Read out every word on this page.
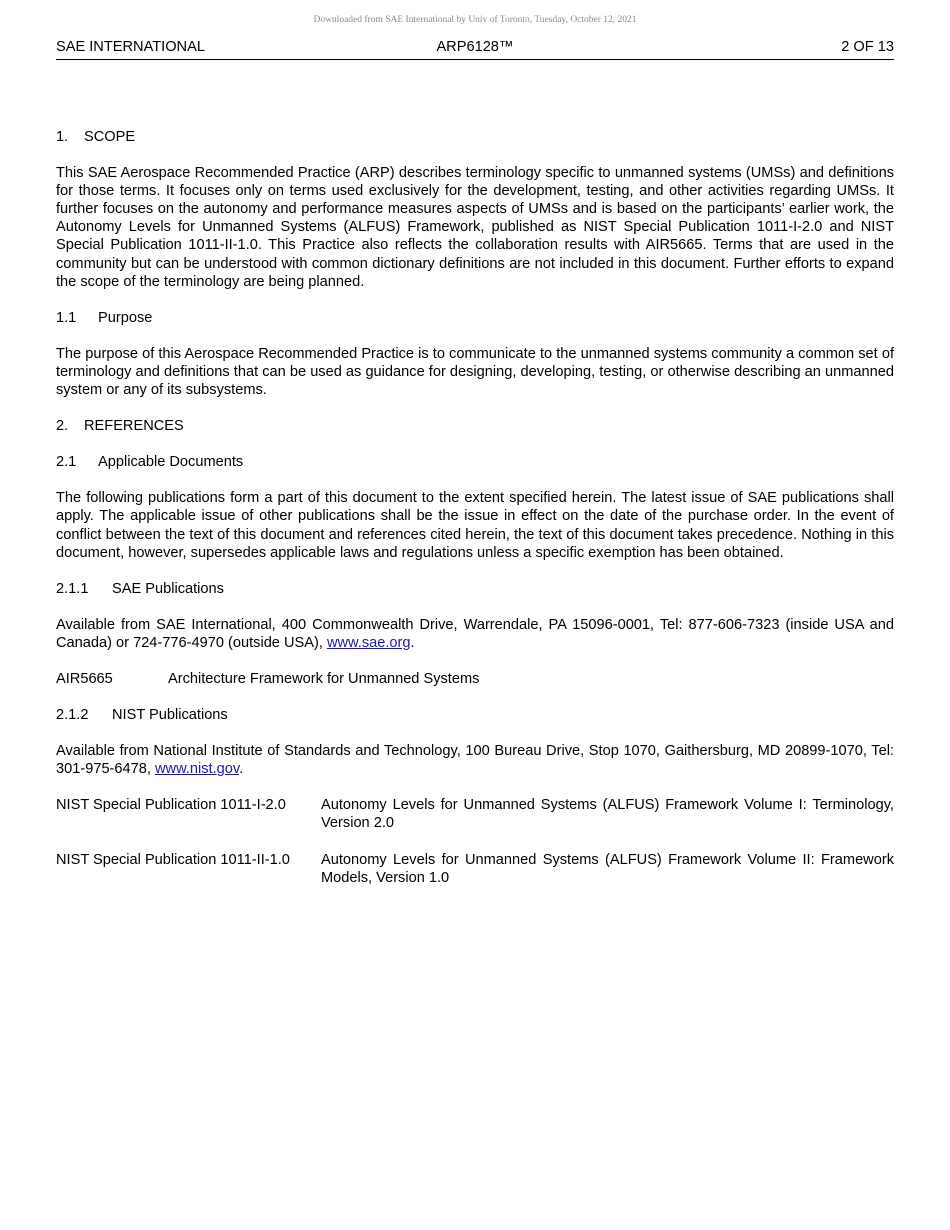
Downloaded from SAE International by Univ of Toronto, Tuesday, October 12, 2021
SAE INTERNATIONAL	ARP6128™	2 OF 13
1. SCOPE
This SAE Aerospace Recommended Practice (ARP) describes terminology specific to unmanned systems (UMSs) and definitions for those terms. It focuses only on terms used exclusively for the development, testing, and other activities regarding UMSs. It further focuses on the autonomy and performance measures aspects of UMSs and is based on the participants’ earlier work, the Autonomy Levels for Unmanned Systems (ALFUS) Framework, published as NIST Special Publication 1011-I-2.0 and NIST Special Publication 1011-II-1.0. This Practice also reflects the collaboration results with AIR5665. Terms that are used in the community but can be understood with common dictionary definitions are not included in this document. Further efforts to expand the scope of the terminology are being planned.
1.1 Purpose
The purpose of this Aerospace Recommended Practice is to communicate to the unmanned systems community a common set of terminology and definitions that can be used as guidance for designing, developing, testing, or otherwise describing an unmanned system or any of its subsystems.
2. REFERENCES
2.1 Applicable Documents
The following publications form a part of this document to the extent specified herein. The latest issue of SAE publications shall apply. The applicable issue of other publications shall be the issue in effect on the date of the purchase order. In the event of conflict between the text of this document and references cited herein, the text of this document takes precedence. Nothing in this document, however, supersedes applicable laws and regulations unless a specific exemption has been obtained.
2.1.1 SAE Publications
Available from SAE International, 400 Commonwealth Drive, Warrendale, PA 15096-0001, Tel: 877-606-7323 (inside USA and Canada) or 724-776-4970 (outside USA), www.sae.org.
AIR5665	Architecture Framework for Unmanned Systems
2.1.2 NIST Publications
Available from National Institute of Standards and Technology, 100 Bureau Drive, Stop 1070, Gaithersburg, MD 20899-1070, Tel: 301-975-6478, www.nist.gov.
NIST Special Publication 1011-I-2.0	Autonomy Levels for Unmanned Systems (ALFUS) Framework Volume I: Terminology, Version 2.0
NIST Special Publication 1011-II-1.0	Autonomy Levels for Unmanned Systems (ALFUS) Framework Volume II: Framework Models, Version 1.0
